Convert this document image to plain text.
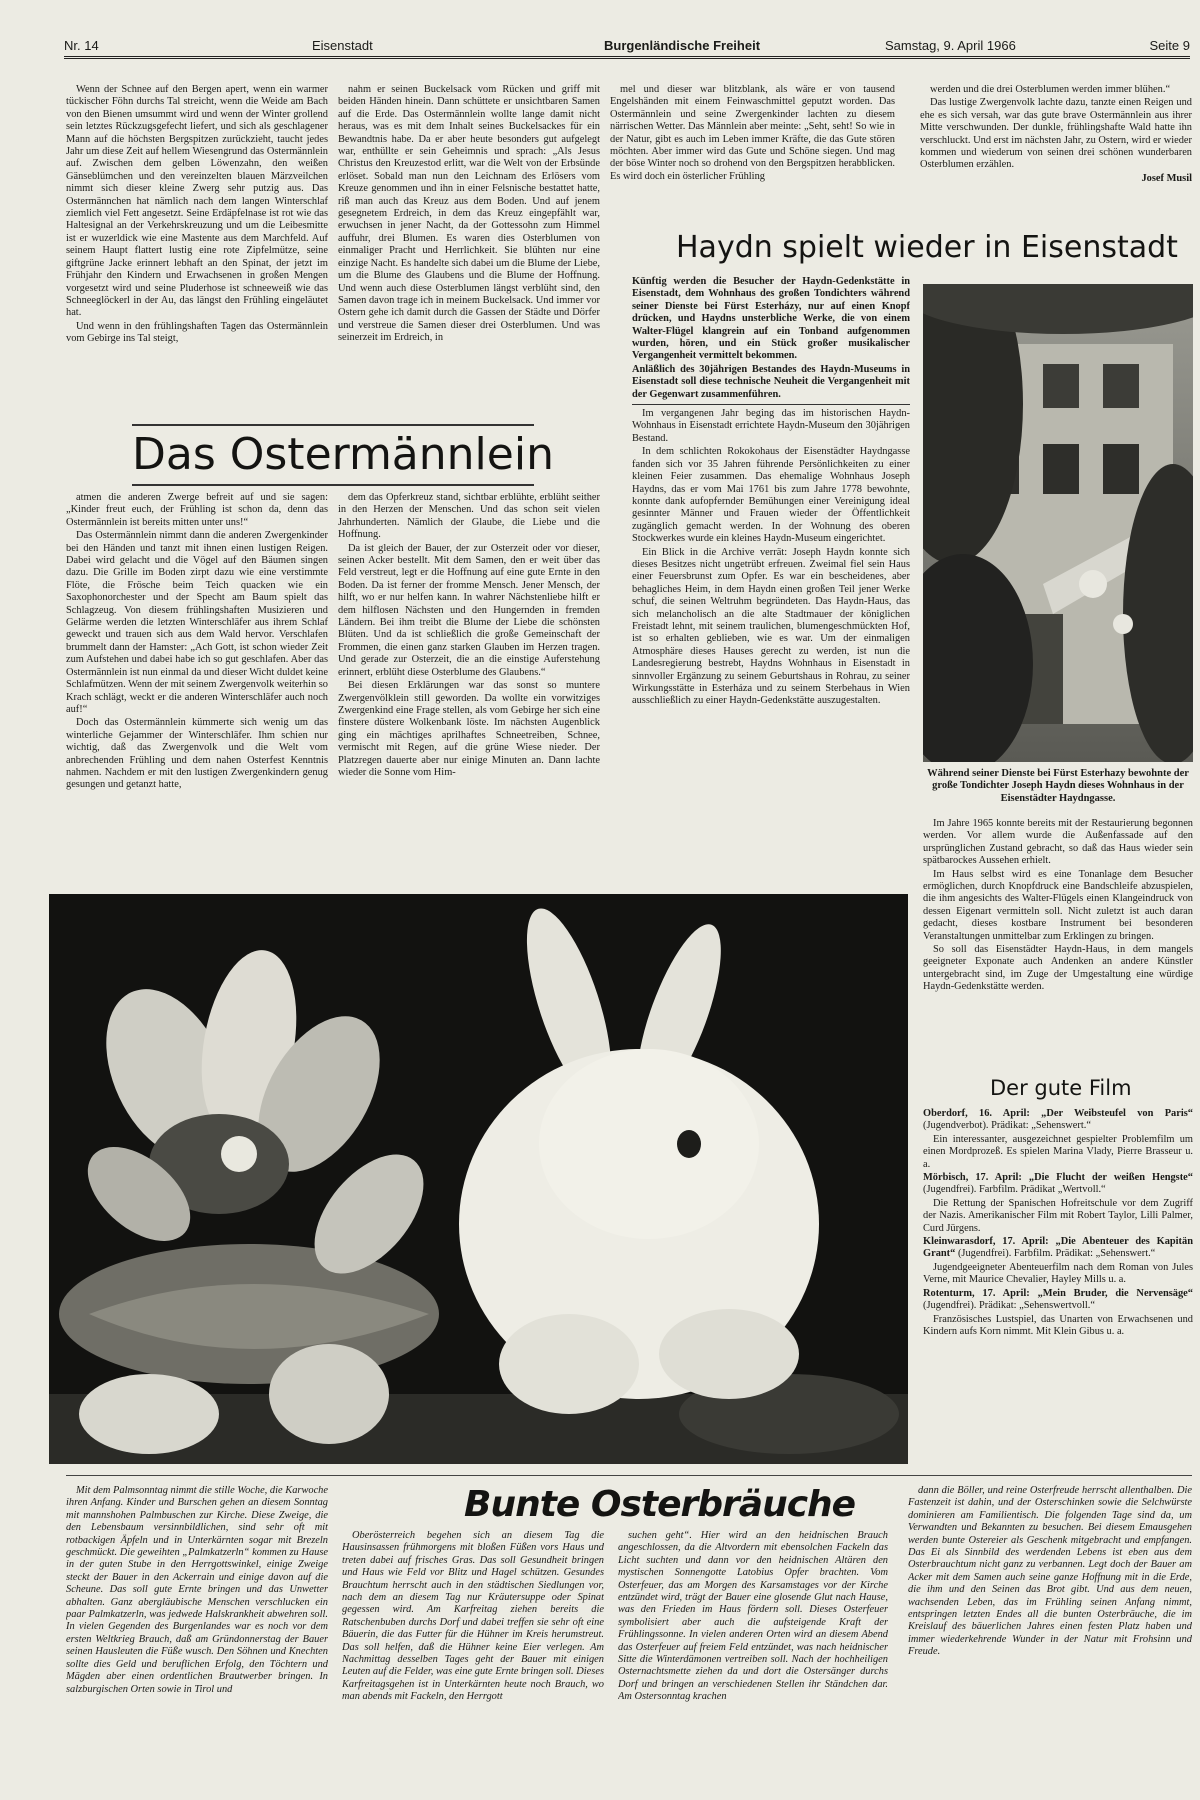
Nr. 14	Eisenstadt	Burgenländische Freiheit	Samstag, 9. April 1966	Seite 9

Wenn der Schnee auf den Bergen apert, wenn ein warmer tückischer Föhn durchs Tal streicht, wenn die Weide am Bach von den Bienen umsummt wird und wenn der Winter grollend sein letztes Rückzugsgefecht liefert, und sich als geschlagener Mann auf die höchsten Bergspitzen zurückzieht, taucht jedes Jahr um diese Zeit auf hellem Wiesengrund das Ostermännlein auf. Zwischen dem gelben Löwenzahn, den weißen Gänseblümchen und den vereinzelten blauen Märzveilchen nimmt sich dieser kleine Zwerg sehr putzig aus. Das Ostermännchen hat nämlich nach dem langen Winterschlaf ziemlich viel Fett angesetzt. Seine Erdäpfelnase ist rot wie das Haltesignal an der Verkehrskreuzung und um die Leibesmitte ist er wuzerldick wie eine Mastente aus dem Marchfeld. Auf seinem Haupt flattert lustig eine rote Zipfelmütze, seine giftgrüne Jacke erinnert lebhaft an den Spinat, der jetzt im Frühjahr den Kindern und Erwachsenen in großen Mengen vorgesetzt wird und seine Pluderhose ist schneeweiß wie das Schneeglöckerl in der Au, das längst den Frühling eingeläutet hat.

Und wenn in den frühlingshaften Tagen das Ostermännlein vom Gebirge ins Tal steigt,

nahm er seinen Buckelsack vom Rücken und griff mit beiden Händen hinein. Dann schüttete er unsichtbaren Samen auf die Erde. Das Ostermännlein wollte lange damit nicht heraus, was es mit dem Inhalt seines Buckelsackes für ein Bewandtnis habe. Da er aber heute besonders gut aufgelegt war, enthüllte er sein Geheimnis und sprach: „Als Jesus Christus den Kreuzestod erlitt, war die Welt von der Erbsünde erlöset. Sobald man nun den Leichnam des Erlösers vom Kreuze genommen und ihn in einer Felsnische bestattet hatte, riß man auch das Kreuz aus dem Boden. Und auf jenem gesegnetem Erdreich, in dem das Kreuz eingepfählt war, erwuchsen in jener Nacht, da der Gottessohn zum Himmel auffuhr, drei Blumen. Es waren dies Osterblumen von einmaliger Pracht und Herrlichkeit. Sie blühten nur eine einzige Nacht. Es handelte sich dabei um die Blume der Liebe, um die Blume des Glaubens und die Blume der Hoffnung. Und wenn auch diese Osterblumen längst verblüht sind, den Samen davon trage ich in meinem Buckelsack. Und immer vor Ostern gehe ich damit durch die Gassen der Städte und Dörfer und verstreue die Samen dieser drei Osterblumen. Und was seinerzeit im Erdreich, in

mel und dieser war blitzblank, als wäre er von tausend Engelshänden mit einem Feinwaschmittel geputzt worden. Das Ostermännlein und seine Zwergenkinder lachten zu diesem närrischen Wetter. Das Männlein aber meinte: „Seht, seht! So wie in der Natur, gibt es auch im Leben immer Kräfte, die das Gute stören möchten. Aber immer wird das Gute und Schöne siegen. Und mag der böse Winter noch so drohend von den Bergspitzen herabblicken. Es wird doch ein österlicher Frühling

werden und die drei Osterblumen werden immer blühen.“

Das lustige Zwergenvolk lachte dazu, tanzte einen Reigen und ehe es sich versah, war das gute brave Ostermännlein aus ihrer Mitte verschwunden. Der dunkle, frühlingshafte Wald hatte ihn verschluckt. Und erst im nächsten Jahr, zu Ostern, wird er wieder kommen und wiederum von seinen drei schönen wunderbaren Osterblumen erzählen.

Josef Musil

Das Ostermännlein

atmen die anderen Zwerge befreit auf und sie sagen: „Kinder freut euch, der Frühling ist schon da, denn das Ostermännlein ist bereits mitten unter uns!“

Das Ostermännlein nimmt dann die anderen Zwergenkinder bei den Händen und tanzt mit ihnen einen lustigen Reigen. Dabei wird gelacht und die Vögel auf den Bäumen singen dazu. Die Grille im Boden zirpt dazu wie eine verstimmte Flöte, die Frösche beim Teich quacken wie ein Saxophonorchester und der Specht am Baum spielt das Schlagzeug. Von diesem frühlingshaften Musizieren und Gelärme werden die letzten Winterschläfer aus ihrem Schlaf geweckt und trauen sich aus dem Wald hervor. Verschlafen brummelt dann der Hamster: „Ach Gott, ist schon wieder Zeit zum Aufstehen und dabei habe ich so gut geschlafen. Aber das Ostermännlein ist nun einmal da und dieser Wicht duldet keine Schlafmützen. Wenn der mit seinem Zwergenvolk weiterhin so Krach schlägt, weckt er die anderen Winterschläfer auch noch auf!“

Doch das Ostermännlein kümmerte sich wenig um das winterliche Gejammer der Winterschläfer. Ihm schien nur wichtig, daß das Zwergenvolk und die Welt vom anbrechenden Frühling und dem nahen Osterfest Kenntnis nahmen. Nachdem er mit den lustigen Zwergenkindern genug gesungen und getanzt hatte,

dem das Opferkreuz stand, sichtbar erblühte, erblüht seither in den Herzen der Menschen. Und das schon seit vielen Jahrhunderten. Nämlich der Glaube, die Liebe und die Hoffnung.

Da ist gleich der Bauer, der zur Osterzeit oder vor dieser, seinen Acker bestellt. Mit dem Samen, den er weit über das Feld verstreut, legt er die Hoffnung auf eine gute Ernte in den Boden. Da ist ferner der fromme Mensch. Jener Mensch, der hilft, wo er nur helfen kann. In wahrer Nächstenliebe hilft er dem hilflosen Nächsten und den Hungernden in fremden Ländern. Bei ihm treibt die Blume der Liebe die schönsten Blüten. Und da ist schließlich die große Gemeinschaft der Frommen, die einen ganz starken Glauben im Herzen tragen. Und gerade zur Osterzeit, die an die einstige Auferstehung erinnert, erblüht diese Osterblume des Glaubens.“

Bei diesen Erklärungen war das sonst so muntere Zwergenvölklein still geworden. Da wollte ein vorwitziges Zwergenkind eine Frage stellen, als vom Gebirge her sich eine finstere düstere Wolkenbank löste. Im nächsten Augenblick ging ein mächtiges aprilhaftes Schneetreiben, Schnee, vermischt mit Regen, auf die grüne Wiese nieder. Der Platzregen dauerte aber nur einige Minuten an. Dann lachte wieder die Sonne vom Him-

Haydn spielt wieder in Eisenstadt

Künftig werden die Besucher der Haydn-Gedenkstätte in Eisenstadt, dem Wohnhaus des großen Tondichters während seiner Dienste bei Fürst Esterházy, nur auf einen Knopf drücken, und Haydns unsterbliche Werke, die von einem Walter-Flügel klangrein auf ein Tonband aufgenommen wurden, hören, und ein Stück großer musikalischer Vergangenheit vermittelt bekommen.

Anläßlich des 30jährigen Bestandes des Haydn-Museums in Eisenstadt soll diese technische Neuheit die Vergangenheit mit der Gegenwart zusammenführen.

Im vergangenen Jahr beging das im historischen Haydn-Wohnhaus in Eisenstadt errichtete Haydn-Museum den 30jährigen Bestand.

In dem schlichten Rokokohaus der Eisenstädter Haydngasse fanden sich vor 35 Jahren führende Persönlichkeiten zu einer kleinen Feier zusammen. Das ehemalige Wohnhaus Joseph Haydns, das er vom Mai 1761 bis zum Jahre 1778 bewohnte, konnte dank aufopfernder Bemühungen einer Vereinigung ideal gesinnter Männer und Frauen wieder der Öffentlichkeit zugänglich gemacht werden. In der Wohnung des oberen Stockwerkes wurde ein kleines Haydn-Museum eingerichtet.

Ein Blick in die Archive verrät: Joseph Haydn konnte sich dieses Besitzes nicht ungetrübt erfreuen. Zweimal fiel sein Haus einer Feuersbrunst zum Opfer. Es war ein bescheidenes, aber behagliches Heim, in dem Haydn einen großen Teil jener Werke schuf, die seinen Weltruhm begründeten. Das Haydn-Haus, das sich melancholisch an die alte Stadtmauer der königlichen Freistadt lehnt, mit seinem traulichen, blumengeschmückten Hof, ist so erhalten geblieben, wie es war. Um der einmaligen Atmosphäre dieses Hauses gerecht zu werden, ist nun die Landesregierung bestrebt, Haydns Wohnhaus in Eisenstadt in sinnvoller Ergänzung zu seinem Geburtshaus in Rohrau, zu seiner Wirkungsstätte in Esterháza und zu seinem Sterbehaus in Wien ausschließlich zu einer Haydn-Gedenkstätte auszugestalten.

Während seiner Dienste bei Fürst Esterhazy bewohnte der große Tondichter Joseph Haydn dieses Wohnhaus in der Eisenstädter Haydngasse.

Im Jahre 1965 konnte bereits mit der Restaurierung begonnen werden. Vor allem wurde die Außenfassade auf den ursprünglichen Zustand gebracht, so daß das Haus wieder sein spätbarockes Aussehen erhielt.

Im Haus selbst wird es eine Tonanlage dem Besucher ermöglichen, durch Knopfdruck eine Bandschleife abzuspielen, die ihm angesichts des Walter-Flügels einen Klangeindruck von dessen Eigenart vermitteln soll. Nicht zuletzt ist auch daran gedacht, dieses kostbare Instrument bei besonderen Veranstaltungen unmittelbar zum Erklingen zu bringen.

So soll das Eisenstädter Haydn-Haus, in dem mangels geeigneter Exponate auch Andenken an andere Künstler untergebracht sind, im Zuge der Umgestaltung eine würdige Haydn-Gedenkstätte werden.

Der gute Film

Oberdorf, 16. April: „Der Weibsteufel von Paris“ (Jugendverbot). Prädikat: „Sehenswert.“

Ein interessanter, ausgezeichnet gespielter Problemfilm um einen Mordprozeß. Es spielen Marina Vlady, Pierre Brasseur u. a.

Mörbisch, 17. April: „Die Flucht der weißen Hengste“ (Jugendfrei). Farbfilm. Prädikat „Wertvoll.“

Die Rettung der Spanischen Hofreitschule vor dem Zugriff der Nazis. Amerikanischer Film mit Robert Taylor, Lilli Palmer, Curd Jürgens.

Kleinwarasdorf, 17. April: „Die Abenteuer des Kapitän Grant“ (Jugendfrei). Farbfilm. Prädikat: „Sehenswert.“

Jugendgeeigneter Abenteuerfilm nach dem Roman von Jules Verne, mit Maurice Chevalier, Hayley Mills u. a.

Rotenturm, 17. April: „Mein Bruder, die Nervensäge“ (Jugendfrei). Prädikat: „Sehenswertvoll.“

Französisches Lustspiel, das Unarten von Erwachsenen und Kindern aufs Korn nimmt. Mit Klein Gibus u. a.

Bunte Osterbräuche

Mit dem Palmsonntag nimmt die stille Woche, die Karwoche ihren Anfang. Kinder und Burschen gehen an diesem Sonntag mit mannshohen Palmbuschen zur Kirche. Diese Zweige, die den Lebensbaum versinnbildlichen, sind sehr oft mit rotbackigen Äpfeln und in Unterkärnten sogar mit Brezeln geschmückt. Die geweihten „Palmkatzerln“ kommen zu Hause in der guten Stube in den Herrgottswinkel, einige Zweige steckt der Bauer in den Ackerrain und einige davon auf die Scheune. Das soll gute Ernte bringen und das Unwetter abhalten. Ganz abergläubische Menschen verschlucken ein paar Palmkatzerln, was jedwede Halskrankheit abwehren soll. In vielen Gegenden des Burgenlandes war es noch vor dem ersten Weltkrieg Brauch, daß am Gründonnerstag der Bauer seinen Hausleuten die Füße wusch. Den Söhnen und Knechten sollte dies Geld und beruflichen Erfolg, den Töchtern und Mägden aber einen ordentlichen Brautwerber bringen. In salzburgischen Orten sowie in Tirol und

Oberösterreich begehen sich an diesem Tag die Hausinsassen frühmorgens mit bloßen Füßen vors Haus und treten dabei auf frisches Gras. Das soll Gesundheit bringen und Haus wie Feld vor Blitz und Hagel schützen. Gesundes Brauchtum herrscht auch in den städtischen Siedlungen vor, nach dem an diesem Tag nur Kräutersuppe oder Spinat gegessen wird. Am Karfreitag ziehen bereits die Ratschenbuben durchs Dorf und dabei treffen sie sehr oft eine Bäuerin, die das Futter für die Hühner im Kreis herumstreut. Das soll helfen, daß die Hühner keine Eier verlegen. Am Nachmittag desselben Tages geht der Bauer mit einigen Leuten auf die Felder, was eine gute Ernte bringen soll. Dieses Karfreitagsgehen ist in Unterkärnten heute noch Brauch, wo man abends mit Fackeln, den Herrgott

suchen geht“. Hier wird an den heidnischen Brauch angeschlossen, da die Altvordern mit ebensolchen Fackeln das Licht suchten und dann vor den heidnischen Altären den mystischen Sonnengotte Latobius Opfer brachten. Vom Osterfeuer, das am Morgen des Karsamstages vor der Kirche entzündet wird, trägt der Bauer eine glosende Glut nach Hause, was den Frieden im Haus fördern soll. Dieses Osterfeuer symbolisiert aber auch die aufsteigende Kraft der Frühlingssonne. In vielen anderen Orten wird an diesem Abend das Osterfeuer auf freiem Feld entzündet, was nach heidnischer Sitte die Winterdämonen vertreiben soll. Nach der hochheiligen Osternachtsmette ziehen da und dort die Ostersänger durchs Dorf und bringen an verschiedenen Stellen ihr Ständchen dar. Am Ostersonntag krachen

dann die Böller, und reine Osterfreude herrscht allenthalben. Die Fastenzeit ist dahin, und der Osterschinken sowie die Selchwürste dominieren am Familientisch. Die folgenden Tage sind da, um Verwandten und Bekannten zu besuchen. Bei diesem Emausgehen werden bunte Ostereier als Geschenk mitgebracht und empfangen. Das Ei als Sinnbild des werdenden Lebens ist eben aus dem Osterbrauchtum nicht ganz zu verbannen. Legt doch der Bauer am Acker mit dem Samen auch seine ganze Hoffnung mit in die Erde, die ihm und den Seinen das Brot gibt. Und aus dem neuen, wachsenden Leben, das im Frühling seinen Anfang nimmt, entspringen letzten Endes all die bunten Osterbräuche, die im Kreislauf des bäuerlichen Jahres einen festen Platz haben und immer wiederkehrende Wunder in der Natur mit Frohsinn und Freude.
